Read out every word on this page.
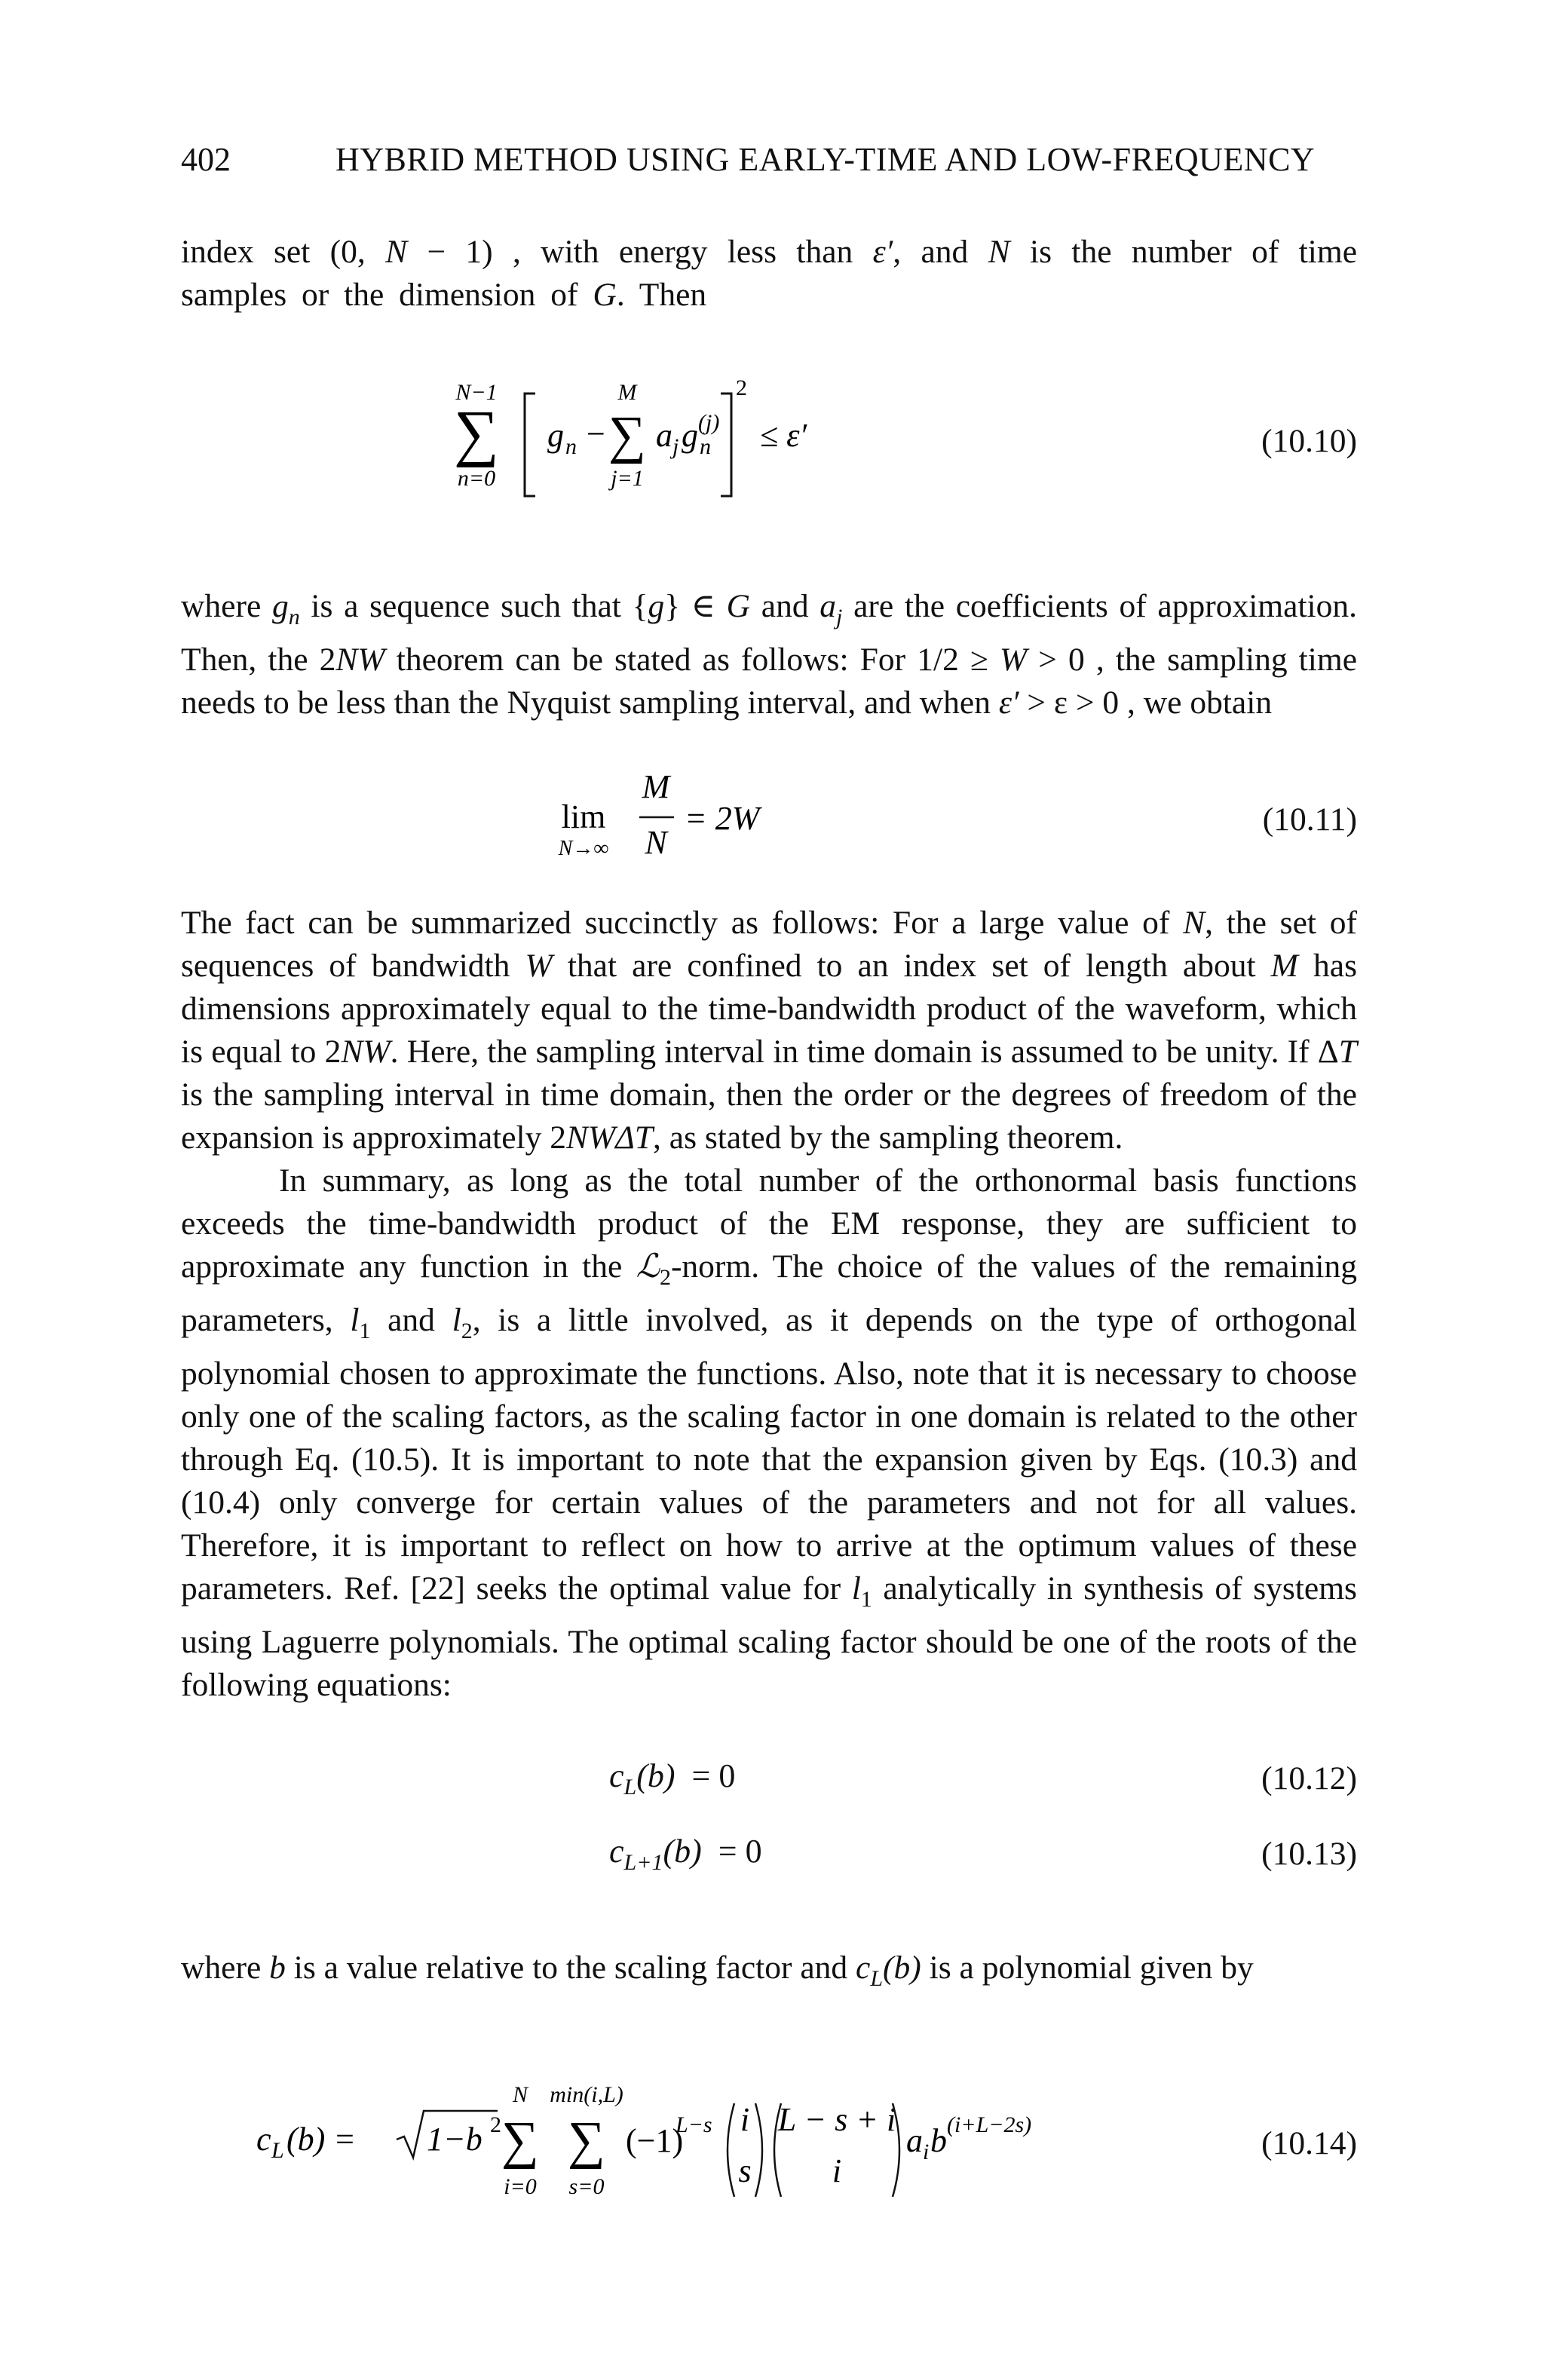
402	HYBRID METHOD USING EARLY-TIME AND LOW-FREQUENCY

index set (0, N − 1) , with energy less than ε′, and N is the number of time samples or the dimension of G. Then

N−1
∑
n=0
g n −
M
∑
j=1
a j g n
(j)
2
≤ ε′	(10.10)

where $g_n$ is a sequence such that {g} ∈ G and $a_j$ are the coefficients of approximation. Then, the 2NW theorem can be stated as follows: For 1/2 ≥ W > 0 , the sampling time needs to be less than the Nyquist sampling interval, and when ε′ > ε > 0 , we obtain

lim
N→∞
M
N
= 2W	(10.11)

The fact can be summarized succinctly as follows: For a large value of N, the set of sequences of bandwidth W that are confined to an index set of length about M has dimensions approximately equal to the time-bandwidth product of the waveform, which is equal to 2NW. Here, the sampling interval in time domain is assumed to be unity. If ΔT is the sampling interval in time domain, then the order or the degrees of freedom of the expansion is approximately 2NWΔT, as stated by the sampling theorem.

In summary, as long as the total number of the orthonormal basis functions exceeds the time-bandwidth product of the EM response, they are sufficient to approximate any function in the ℒ$_2$-norm. The choice of the values of the remaining parameters, $l_1$ and $l_2$, is a little involved, as it depends on the type of orthogonal polynomial chosen to approximate the functions. Also, note that it is necessary to choose only one of the scaling factors, as the scaling factor in one domain is related to the other through Eq. (10.5). It is important to note that the expansion given by Eqs. (10.3) and (10.4) only converge for certain values of the parameters and not for all values. Therefore, it is important to reflect on how to arrive at the optimum values of these parameters. Ref. [22] seeks the optimal value for $l_1$ analytically in synthesis of systems using Laguerre polynomials. The optimal scaling factor should be one of the roots of the following equations:

$c_L(b) = 0$	(10.12)
$c_{L+1}(b) = 0$	(10.13)

where b is a value relative to the scaling factor and $c_L(b)$ is a polynomial given by

c L (b) = 1−b 2
N
∑
i=0
min(i,L)
∑
s=0
(−1)
L−s i
s
L − s + i
i
a i b (i+L−2s)
(10.14)
